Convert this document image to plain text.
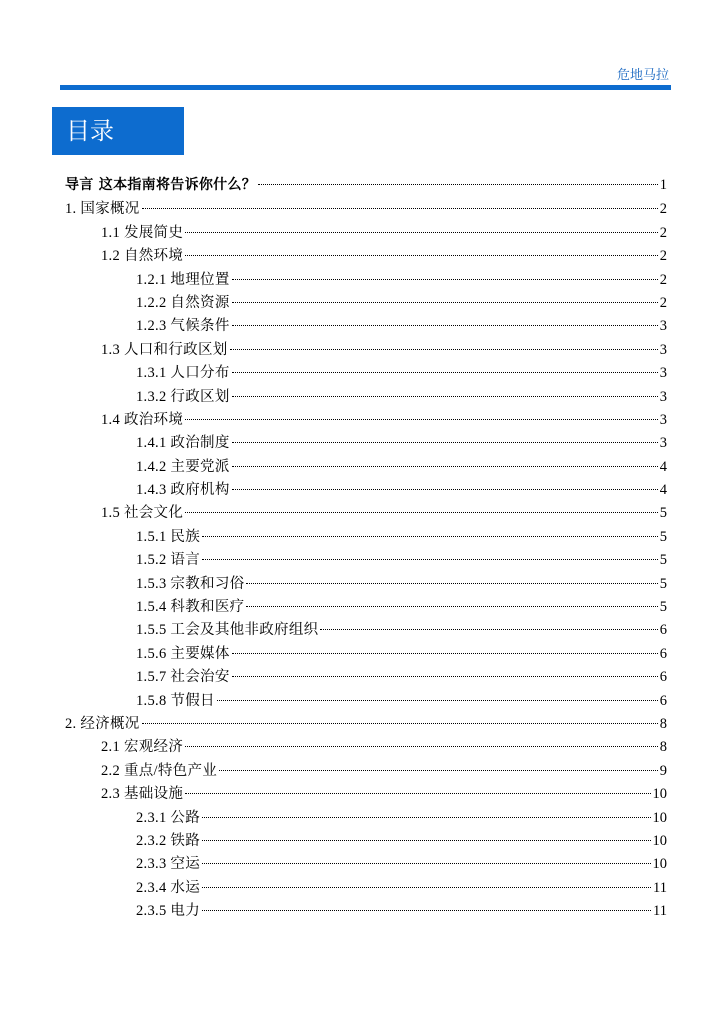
危地马拉
目录
导言 这本指南将告诉你什么？	1
1. 国家概况	2
1.1 发展简史	2
1.2 自然环境	2
1.2.1 地理位置	2
1.2.2 自然资源	2
1.2.3 气候条件	3
1.3 人口和行政区划	3
1.3.1 人口分布	3
1.3.2 行政区划	3
1.4 政治环境	3
1.4.1 政治制度	3
1.4.2 主要党派	4
1.4.3 政府机构	4
1.5 社会文化	5
1.5.1 民族	5
1.5.2 语言	5
1.5.3 宗教和习俗	5
1.5.4 科教和医疗	5
1.5.5 工会及其他非政府组织	6
1.5.6 主要媒体	6
1.5.7 社会治安	6
1.5.8 节假日	6
2. 经济概况	8
2.1 宏观经济	8
2.2 重点/特色产业	9
2.3 基础设施	10
2.3.1 公路	10
2.3.2 铁路	10
2.3.3 空运	10
2.3.4 水运	11
2.3.5 电力	11
